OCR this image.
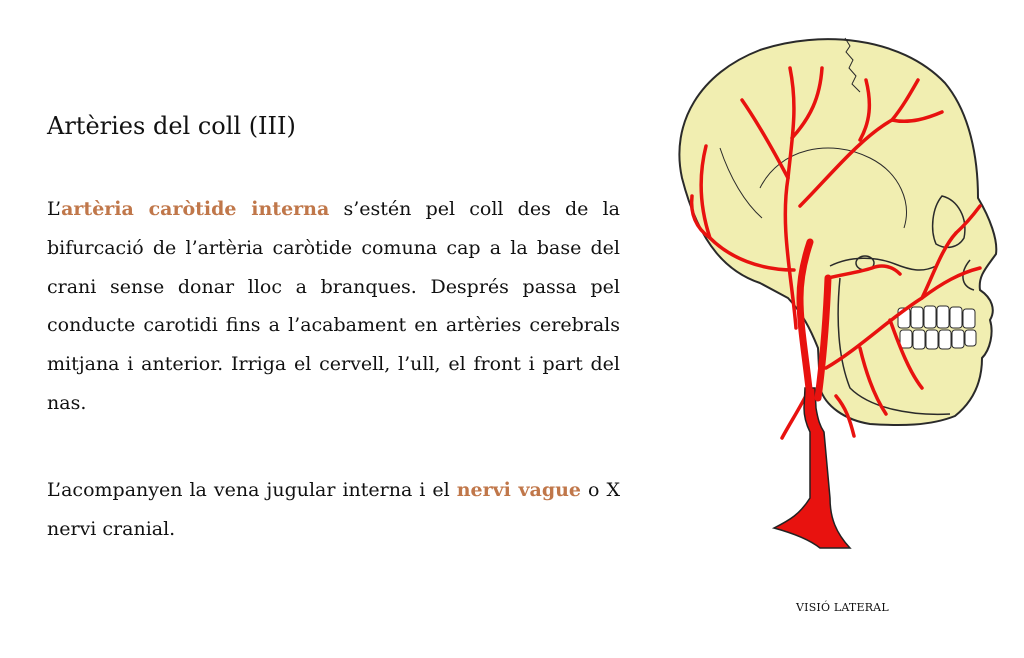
Artèries del coll (III)

L’artèria caròtide interna s’estén pel coll des de la bifurcació de l’artèria caròtide comuna cap a la base del crani sense donar lloc a branques. Després passa pel conducte carotidi fins a l’acabament en artèries cerebrals mitjana i anterior. Irriga el cervell, l’ull, el front i part del nas.

L’acompanyen la vena jugular interna i el nervi vague o X nervi cranial.

VISIÓ LATERAL
